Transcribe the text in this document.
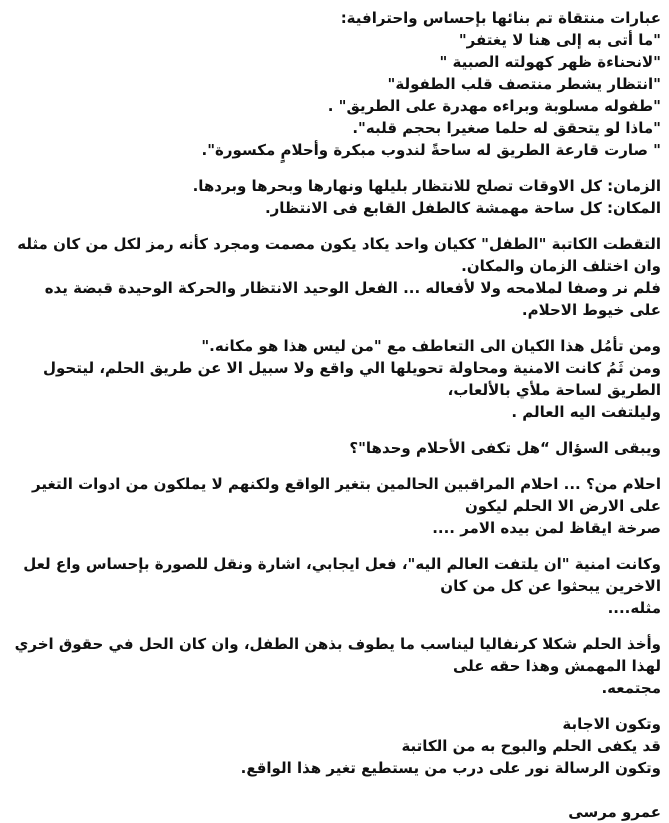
عبارات منتقاة تم بنائها بإحساس واحترافية:
"ما أتى به إلى هنا لا يغتفر"
"لانحناءة ظهر كهولته الصبية "
"انتظار يشطر منتصف قلب الطفولة"
"طفوله مسلوبة وبراءه مهدرة على الطريق" .
"ماذا لو يتحقق له حلما صغيرا بحجم قلبه".
" صارت قارعة الطريق له ساحةً لندوب مبكرة وأحلامٍ مكسورة".
الزمان: كل الاوقات تصلح للانتظار بليلها ونهارها وبحرها وبردها.
المكان: كل ساحة مهمشة كالطفل القابع فى الانتظار.
التقطت الكاتبة "الطفل" ككيان واحد يكاد يكون مصمت ومجرد كأنه رمز لكل من كان مثله وان اختلف الزمان والمكان.
فلم نر وصفا لملامحه ولا لأفعاله ... الفعل الوحيد الانتظار والحركة الوحيدة قبضة يده على خيوط الاحلام.
ومن تأمُل هذا الكيان الى التعاطف مع "من ليس هذا هو مكانه."
ومن ثَمُ كانت الامنية ومحاولة تحويلها الي واقع ولا سبيل الا عن طريق الحلم، ليتحول الطريق لساحة ملأي بالألعاب،
وليلتفت اليه العالم .
ويبقى السؤال “هل تكفى الأحلام وحدها"؟
احلام من؟ ... احلام المراقبين الحالمين بتغير الواقع ولكنهم لا يملكون من ادوات التغير على الارض الا الحلم ليكون
صرخة ايقاظ لمن بيده الامر ....
وكانت امنية "ان يلتفت العالم اليه"، فعل ايجابي، اشارة ونقل للصورة بإحساس واع لعل الاخرين يبحثوا عن كل من كان
مثله....
وأخذ الحلم شكلا كرنفاليا ليناسب ما يطوف بذهن الطفل، وان كان الحل في حقوق اخري لهذا المهمش وهذا حقه على
مجتمعه.
وتكون الاجابة
قد يكفى الحلم والبوح به من الكاتبة
وتكون الرسالة نور على درب من يستطيع تغير هذا الواقع.
عمرو مرسى
